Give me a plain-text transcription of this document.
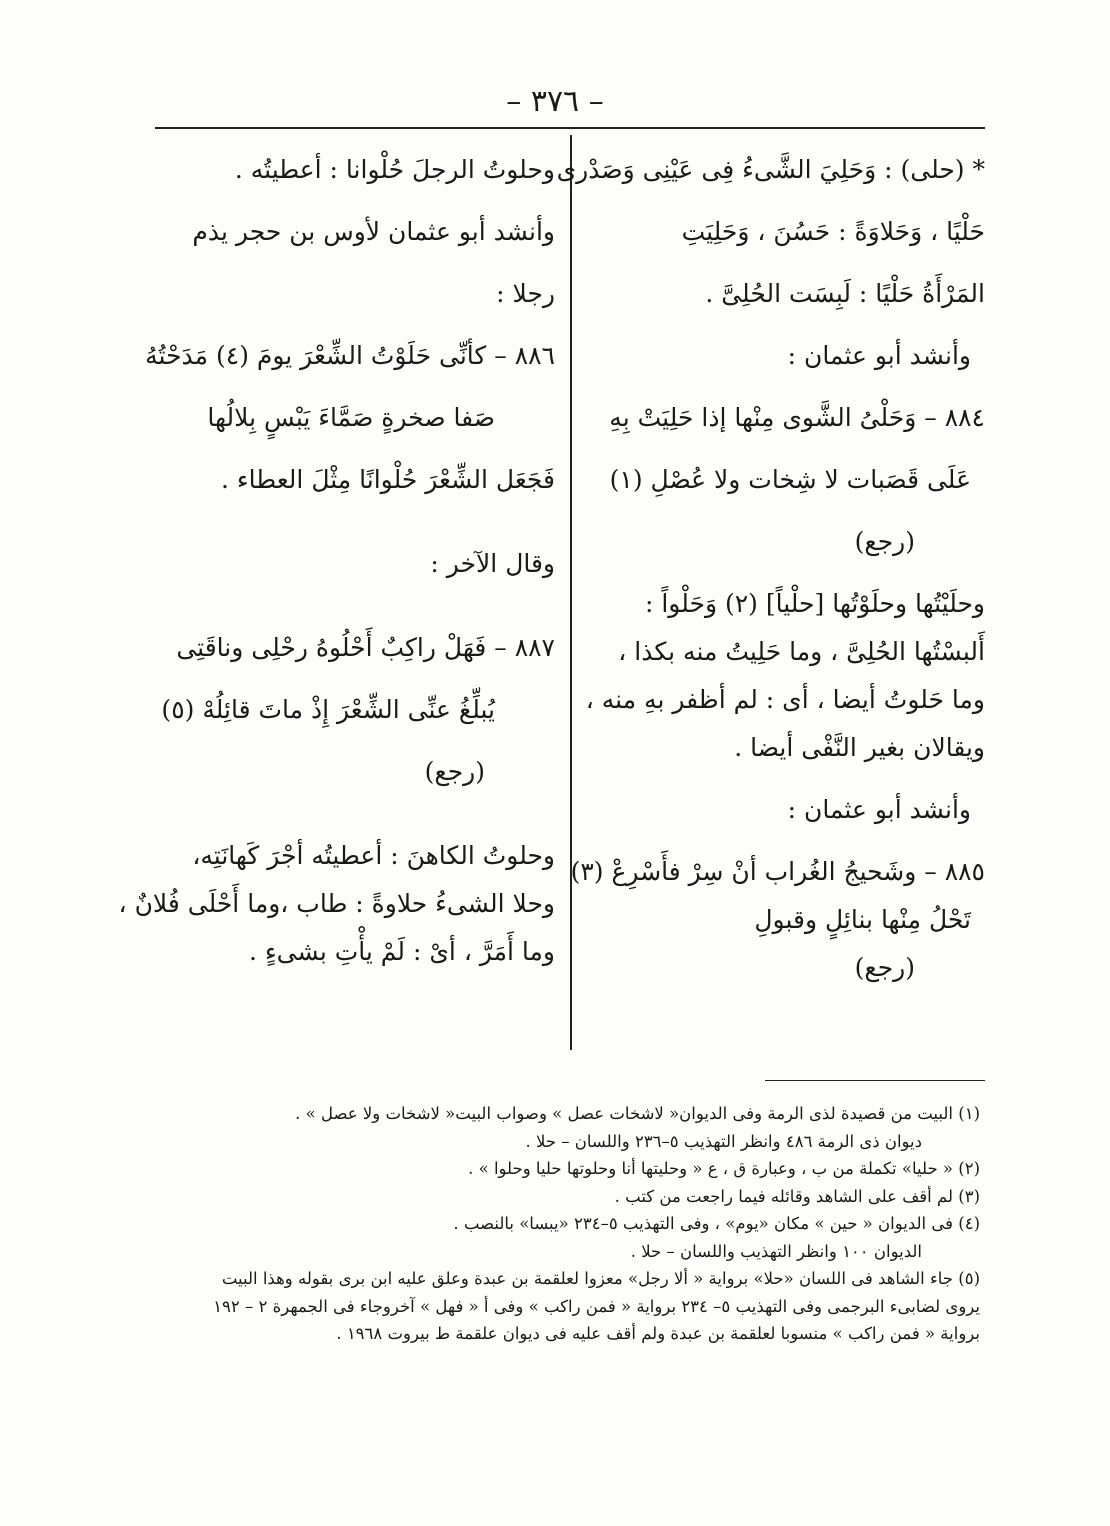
– ٣٧٦ –
* (حلى) : وَحَلِيَ الشَّىءُ فِى عَيْنِى وَصَدْرى
حَلْيًا ، وَحَلاوَةً : حَسُنَ ، وَحَلِيَتِ
المَرْأَةُ حَلْيًا : لَبِسَت الحُلِىَّ .
وأنشد أبو عثمان :
٨٨٤ – وَحَلْىُ الشَّوى مِنْها إذا حَلِيَتْ بِهِ
عَلَى قَصَبات لا شِخات ولا عُصْلِ (١)
(رجع)
وحلَيْتُها وحلَوْتُها [حلْياً] (٢) وَحَلْواً :
أَلبسْتُها الحُلِىَّ ، وما حَلِيتُ منه بكذا ،
وما حَلوتُ أيضا ، أى : لم أظفر بهِ منه ،
ويقالان بغير النَّفْى أيضا .
وأنشد أبو عثمان :
٨٨٥ – وشَحيجُ الغُراب أنْ سِرْ فأَسْرِعْ (٣)
تَحْلُ مِنْها بنائِلٍ وقبولِ
(رجع)
وحلوتُ الرجلَ حُلْوانا : أعطيتُه .
وأنشد أبو عثمان لأوس بن حجر يذم
رجلا :
٨٨٦ – كأنِّى حَلَوْتُ الشِّعْرَ يومَ (٤) مَدَحْتُهُ
صَفا صخرةٍ صَمَّاءَ يَبْسٍ بِلالُها
فَجَعَل الشِّعْرَ حُلْوانًا مِثْلَ العطاء .
وقال الآخر :
٨٨٧ – فَهَلْ راكِبٌ أَحْلُوهُ رحْلِى وناقَتِى
يُبلِّغُ عنِّى الشِّعْرَ إِذْ ماتَ قائِلُهْ (٥)
(رجع)
وحلوتُ الكاهنَ : أعطيتُه أجْرَ كَهانَتِه،
وحلا الشىءُ حلاوةً : طاب ،وما أَحْلَى فُلانٌ ،
وما أَمَرَّ ، أىْ : لَمْ يأْتِ بشىءٍ .
(١) البيت من قصيدة لذى الرمة وفى الديوان« لاشخات عصل » وصواب البيت« لاشخات ولا عصل » .
ديوان ذى الرمة ٤٨٦ وانظر التهذيب ٥–٢٣٦ واللسان – حلا .
(٢) « حليا» تكملة من ب ، وعبارة ق ، ع « وحليتها أنا وحلوتها حليا وحلوا » .
(٣) لم أقف على الشاهد وقائله فيما راجعت من كتب .
(٤) فى الديوان « حين » مكان «يوم» ، وفى التهذيب ٥–٢٣٤ «يبسا» بالنصب .
الديوان ١٠٠ وانظر التهذيب واللسان – حلا .
(٥) جاء الشاهد فى اللسان «حلا» برواية « ألا رجل» معزوا لعلقمة بن عبدة وعلق عليه ابن برى بقوله وهذا البيت
يروى لضابىء البرجمى وفى التهذيب ٥– ٢٣٤ برواية « فمن راكب » وفى أ « فهل » آخروجاء فى الجمهرة ٢ – ١٩٢
برواية « فمن راكب » منسوبا لعلقمة بن عبدة ولم أقف عليه فى ديوان علقمة ط بيروت ١٩٦٨ .
